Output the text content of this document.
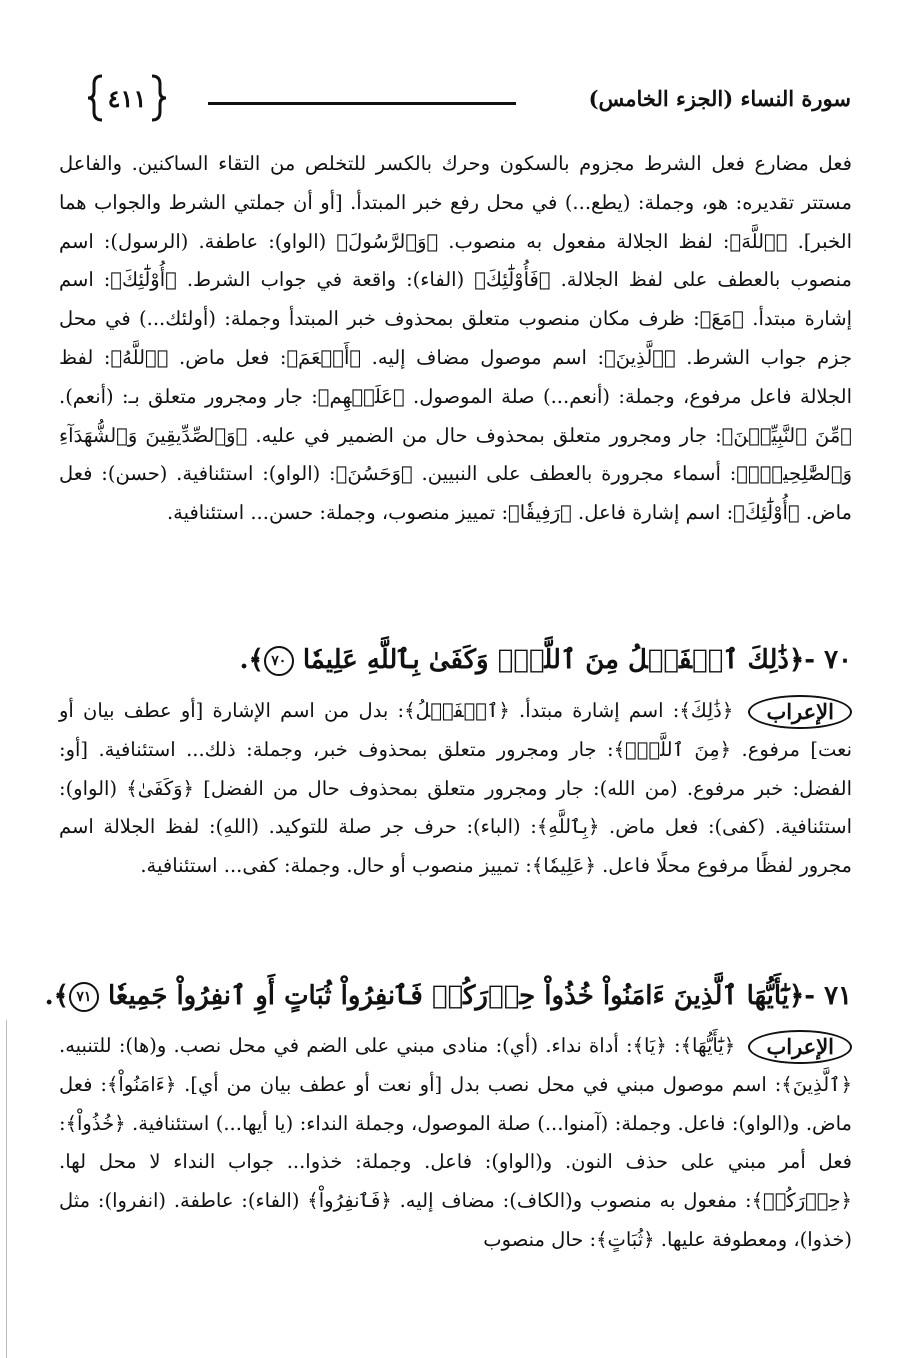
٤١١	سورة النساء (الجزء الخامس)

فعل مضارع فعل الشرط مجزوم بالسكون وحرك بالكسر للتخلص من التقاء الساكنين. والفاعل مستتر تقديره: هو، وجملة: (يطع...) في محل رفع خبر المبتدأ. [أو أن جملتي الشرط والجواب هما الخبر]. ﴿ٱللَّهَ﴾: لفظ الجلالة مفعول به منصوب. ﴿وَٱلرَّسُولَ﴾ (الواو): عاطفة. (الرسول): اسم منصوب بالعطف على لفظ الجلالة. ﴿فَأُوْلَٰٓئِكَ﴾ (الفاء): واقعة في جواب الشرط. ﴿أُوْلَٰٓئِكَ﴾: اسم إشارة مبتدأ. ﴿مَعَ﴾: ظرف مكان منصوب متعلق بمحذوف خبر المبتدأ وجملة: (أولئك...) في محل جزم جواب الشرط. ﴿ٱلَّذِينَ﴾: اسم موصول مضاف إليه. ﴿أَنۡعَمَ﴾: فعل ماض. ﴿ٱللَّهُ﴾: لفظ الجلالة فاعل مرفوع، وجملة: (أنعم...) صلة الموصول. ﴿عَلَيۡهِم﴾: جار ومجرور متعلق بـ: (أنعم). ﴿مِّنَ ٱلنَّبِيِّـۧنَ﴾: جار ومجرور متعلق بمحذوف حال من الضمير في عليه. ﴿وَٱلصِّدِّيقِينَ وَٱلشُّهَدَآءِ وَٱلصَّٰلِحِينَۚ﴾: أسماء مجرورة بالعطف على النبيين. ﴿وَحَسُنَ﴾: (الواو): استئنافية. (حسن): فعل ماض. ﴿أُوْلَٰٓئِكَ﴾: اسم إشارة فاعل. ﴿رَفِيقٗا﴾: تمييز منصوب، وجملة: حسن... استئنافية.

٧٠ -﴿ذَٰلِكَ ٱلۡفَضۡلُ مِنَ ٱللَّهِۚ وَكَفَىٰ بِٱللَّهِ عَلِيمٗا ٧٠﴾.

الإعراب ﴿ذَٰلِكَ﴾: اسم إشارة مبتدأ. ﴿ٱلۡفَضۡلُ﴾: بدل من اسم الإشارة [أو عطف بيان أو نعت] مرفوع. ﴿مِنَ ٱللَّهِۚ﴾: جار ومجرور متعلق بمحذوف خبر، وجملة: ذلك... استئنافية. [أو: الفضل: خبر مرفوع. (من الله): جار ومجرور متعلق بمحذوف حال من الفضل] ﴿وَكَفَىٰ﴾ (الواو): استئنافية. (كفى): فعل ماض. ﴿بِٱللَّهِ﴾: (الباء): حرف جر صلة للتوكيد. (اللهِ): لفظ الجلالة اسم مجرور لفظًا مرفوع محلًا فاعل. ﴿عَلِيمٗا﴾: تمييز منصوب أو حال. وجملة: كفى... استئنافية.

٧١ -﴿يَٰٓأَيُّهَا ٱلَّذِينَ ءَامَنُواْ خُذُواْ حِذۡرَكُمۡ فَٱنفِرُواْ ثُبَاتٍ أَوِ ٱنفِرُواْ جَمِيعٗا ٧١﴾.

الإعراب ﴿يَٰٓأَيُّهَا﴾: ﴿يَا﴾: أداة نداء. (أي): منادى مبني على الضم في محل نصب. و(ها): للتنبيه. ﴿ٱلَّذِينَ﴾: اسم موصول مبني في محل نصب بدل [أو نعت أو عطف بيان من أي]. ﴿ءَامَنُواْ﴾: فعل ماض. و(الواو): فاعل. وجملة: (آمنوا...) صلة الموصول، وجملة النداء: (يا أيها...) استئنافية. ﴿خُذُواْ﴾: فعل أمر مبني على حذف النون. و(الواو): فاعل. وجملة: خذوا... جواب النداء لا محل لها. ﴿حِذۡرَكُمۡ﴾: مفعول به منصوب و(الكاف): مضاف إليه. ﴿فَٱنفِرُواْ﴾ (الفاء): عاطفة. (انفروا): مثل (خذوا)، ومعطوفة عليها. ﴿ثُبَاتٍ﴾: حال منصوب
